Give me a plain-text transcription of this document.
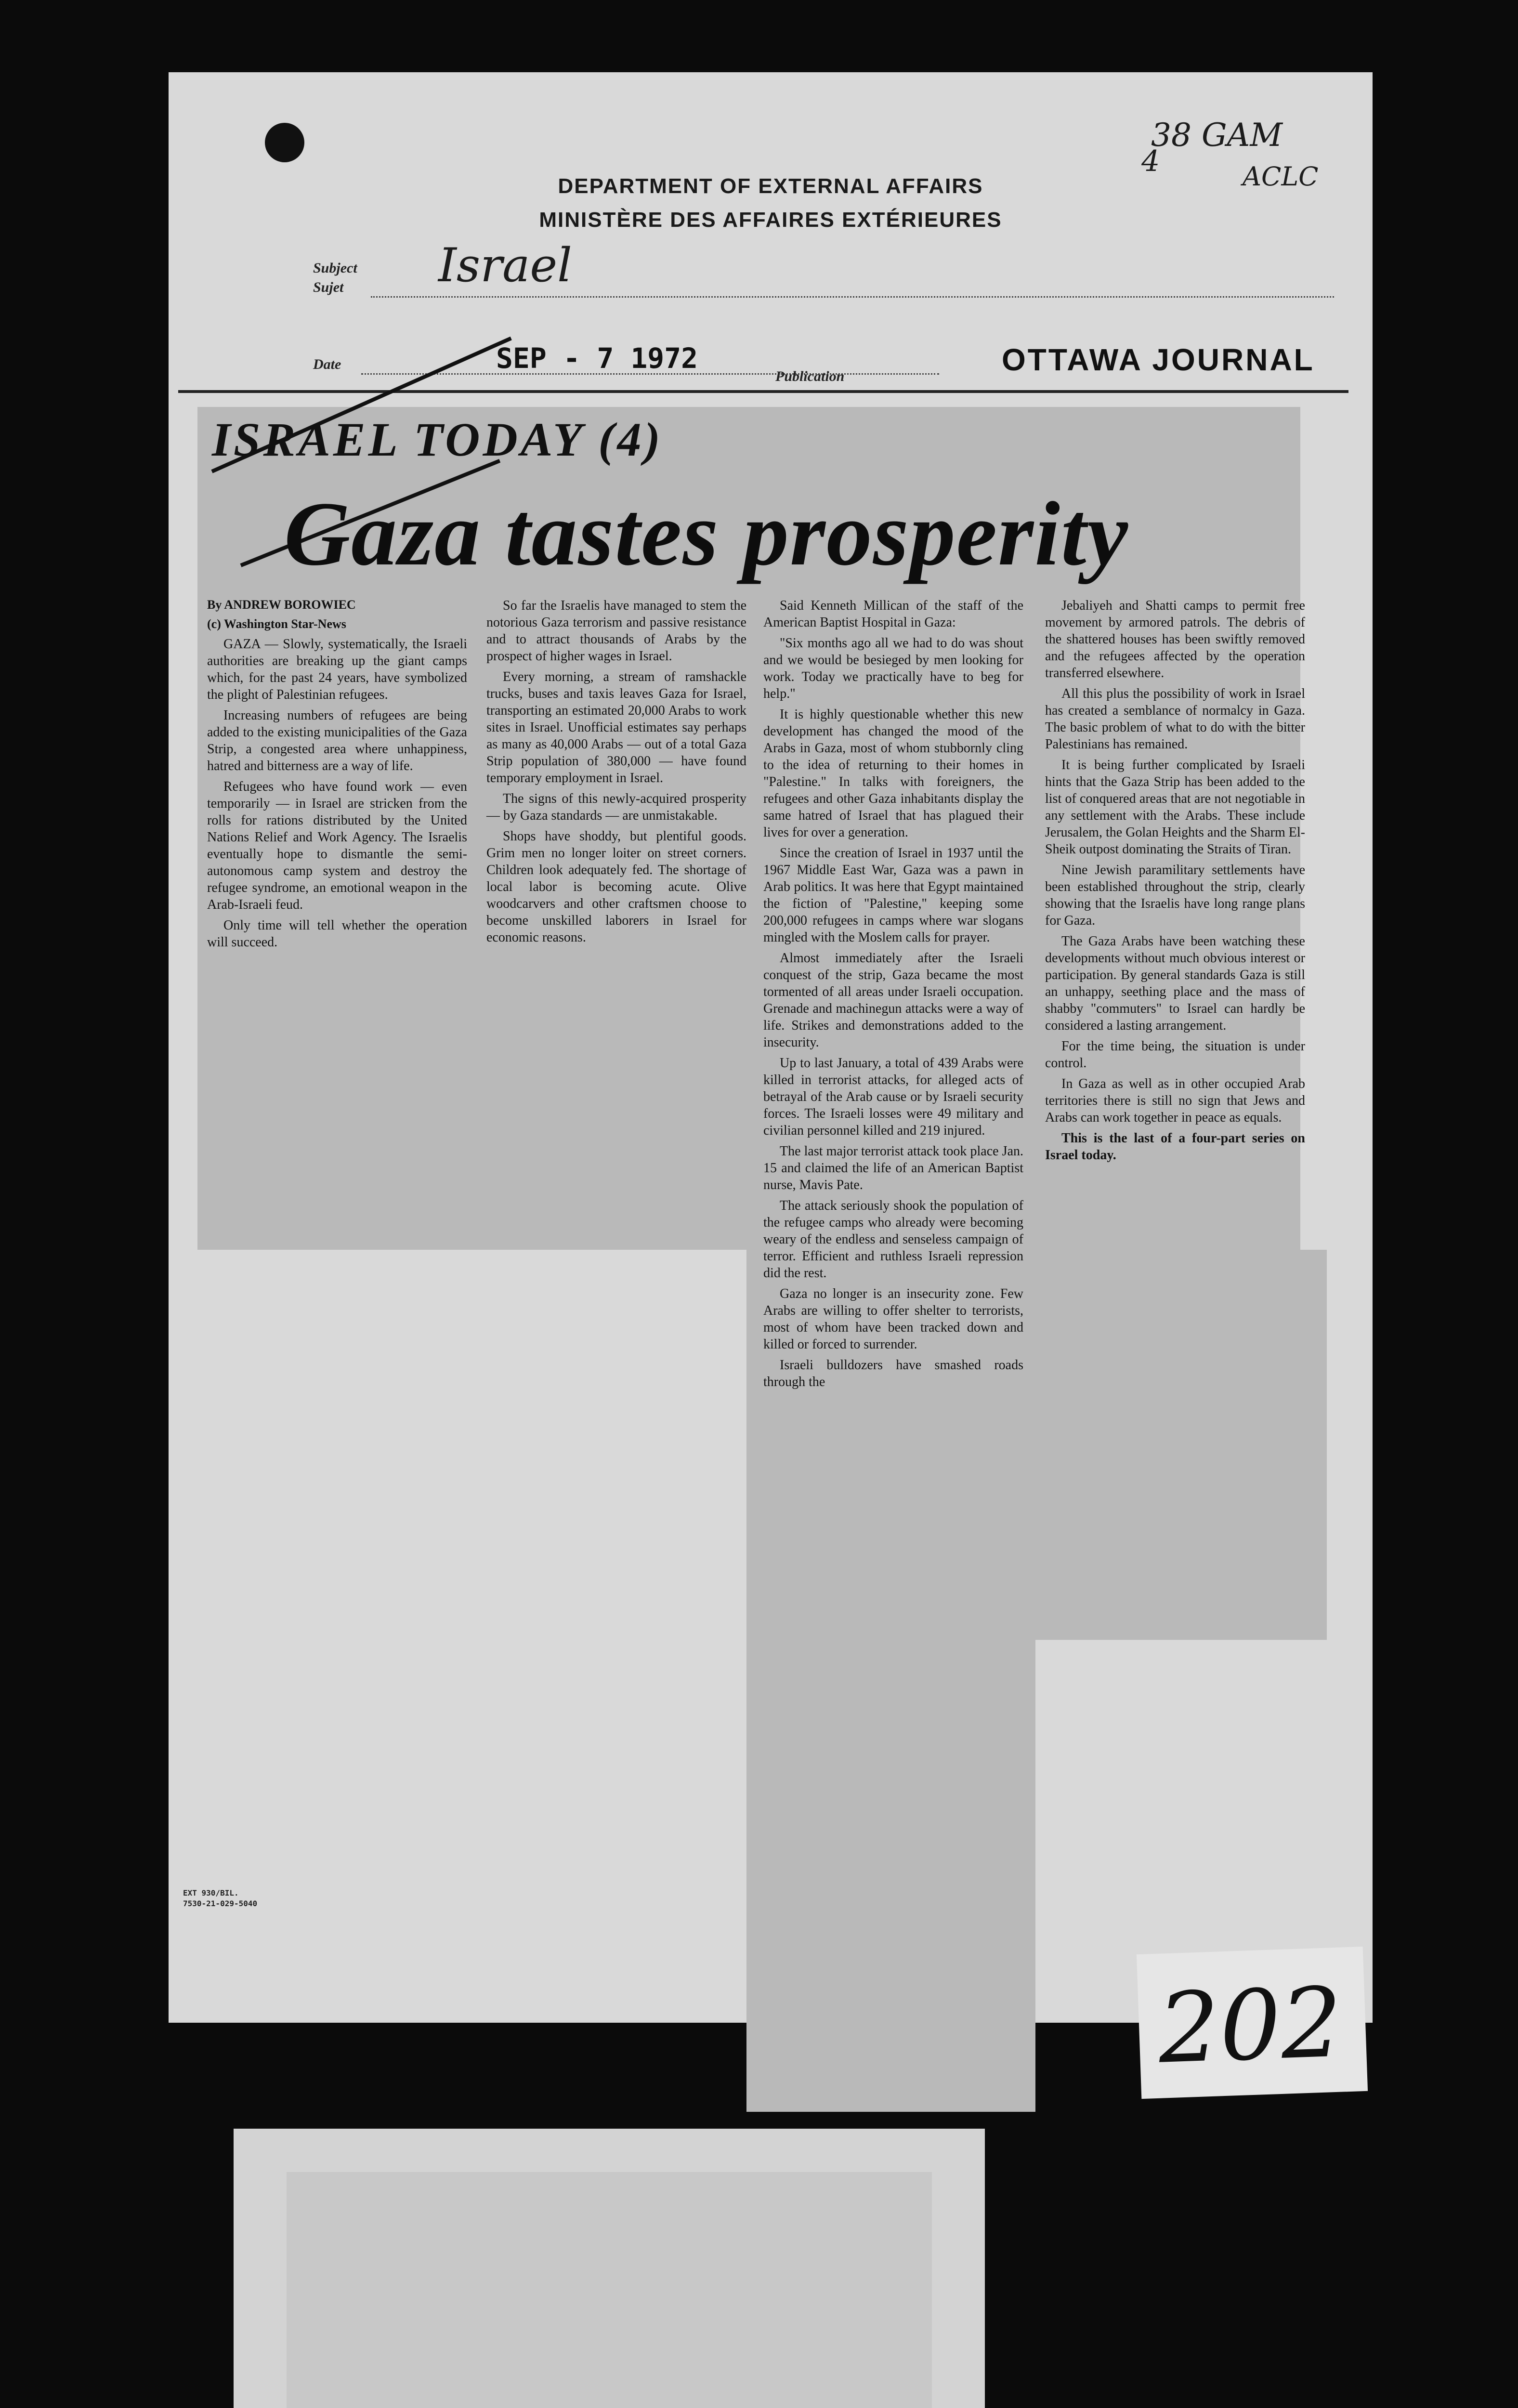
DEPARTMENT OF EXTERNAL AFFAIRS
MINISTÈRE DES AFFAIRES EXTÉRIEURES
38 GAM
ACLC
4
Subject
Sujet Israel
Date	SEP - 7 1972
Publication	OTTAWA JOURNAL
EXT 930/BIL.
7530-21-029-5040
ISRAEL TODAY (4)
Gaza tastes prosperity

By ANDREW BOROWIEC

(c) Washington Star-News

GAZA — Slowly, systematically, the Israeli authorities are breaking up the giant camps which, for the past 24 years, have symbolized the plight of Palestinian refugees.

Increasing numbers of refugees are being added to the existing municipalities of the Gaza Strip, a congested area where unhappiness, hatred and bitterness are a way of life.

Refugees who have found work — even temporarily — in Israel are stricken from the rolls for rations distributed by the United Nations Relief and Work Agency. The Israelis eventually hope to dismantle the semi-autonomous camp system and destroy the refugee syndrome, an emotional weapon in the Arab-Israeli feud.

Only time will tell whether the operation will succeed.

So far the Israelis have managed to stem the notorious Gaza terrorism and passive resistance and to attract thousands of Arabs by the prospect of higher wages in Israel.

Every morning, a stream of ramshackle trucks, buses and taxis leaves Gaza for Israel, transporting an estimated 20,000 Arabs to work sites in Israel. Unofficial estimates say perhaps as many as 40,000 Arabs — out of a total Gaza Strip population of 380,000 — have found temporary employment in Israel.

The signs of this newly-acquired prosperity — by Gaza standards — are unmistakable.

Shops have shoddy, but plentiful goods. Grim men no longer loiter on street corners. Children look adequately fed. The shortage of local labor is becoming acute. Olive woodcarvers and other craftsmen choose to become unskilled laborers in Israel for economic reasons.

Said Kenneth Millican of the staff of the American Baptist Hospital in Gaza:

"Six months ago all we had to do was shout and we would be besieged by men looking for work. Today we practically have to beg for help."

It is highly questionable whether this new development has changed the mood of the Arabs in Gaza, most of whom stubbornly cling to the idea of returning to their homes in "Palestine." In talks with foreigners, the refugees and other Gaza inhabitants display the same hatred of Israel that has plagued their lives for over a generation.

Since the creation of Israel in 1937 until the 1967 Middle East War, Gaza was a pawn in Arab politics. It was here that Egypt maintained the fiction of "Palestine," keeping some 200,000 refugees in camps where war slogans mingled with the Moslem calls for prayer.

Almost immediately after the Israeli conquest of the strip, Gaza became the most tormented of all areas under Israeli occupation. Grenade and machinegun attacks were a way of life. Strikes and demonstrations added to the insecurity.

Up to last January, a total of 439 Arabs were killed in terrorist attacks, for alleged acts of betrayal of the Arab cause or by Israeli security forces. The Israeli losses were 49 military and civilian personnel killed and 219 injured.

The last major terrorist attack took place Jan. 15 and claimed the life of an American Baptist nurse, Mavis Pate.

The attack seriously shook the population of the refugee camps who already were becoming weary of the endless and senseless campaign of terror. Efficient and ruthless Israeli repression did the rest.

Gaza no longer is an insecurity zone. Few Arabs are willing to offer shelter to terrorists, most of whom have been tracked down and killed or forced to surrender.

Israeli bulldozers have smashed roads through the

Jebaliyeh and Shatti camps to permit free movement by armored patrols. The debris of the shattered houses has been swiftly removed and the refugees affected by the operation transferred elsewhere.

All this plus the possibility of work in Israel has created a semblance of normalcy in Gaza. The basic problem of what to do with the bitter Palestinians has remained.

It is being further complicated by Israeli hints that the Gaza Strip has been added to the list of conquered areas that are not negotiable in any settlement with the Arabs. These include Jerusalem, the Golan Heights and the Sharm El-Sheik outpost dominating the Straits of Tiran.

Nine Jewish paramilitary settlements have been established throughout the strip, clearly showing that the Israelis have long range plans for Gaza.

The Gaza Arabs have been watching these developments without much obvious interest or participation. By general standards Gaza is still an unhappy, seething place and the mass of shabby "commuters" to Israel can hardly be considered a lasting arrangement.

For the time being, the situation is under control.

In Gaza as well as in other occupied Arab territories there is still no sign that Jews and Arabs can work together in peace as equals.

This is the last of a four-part series on Israel today.

202
